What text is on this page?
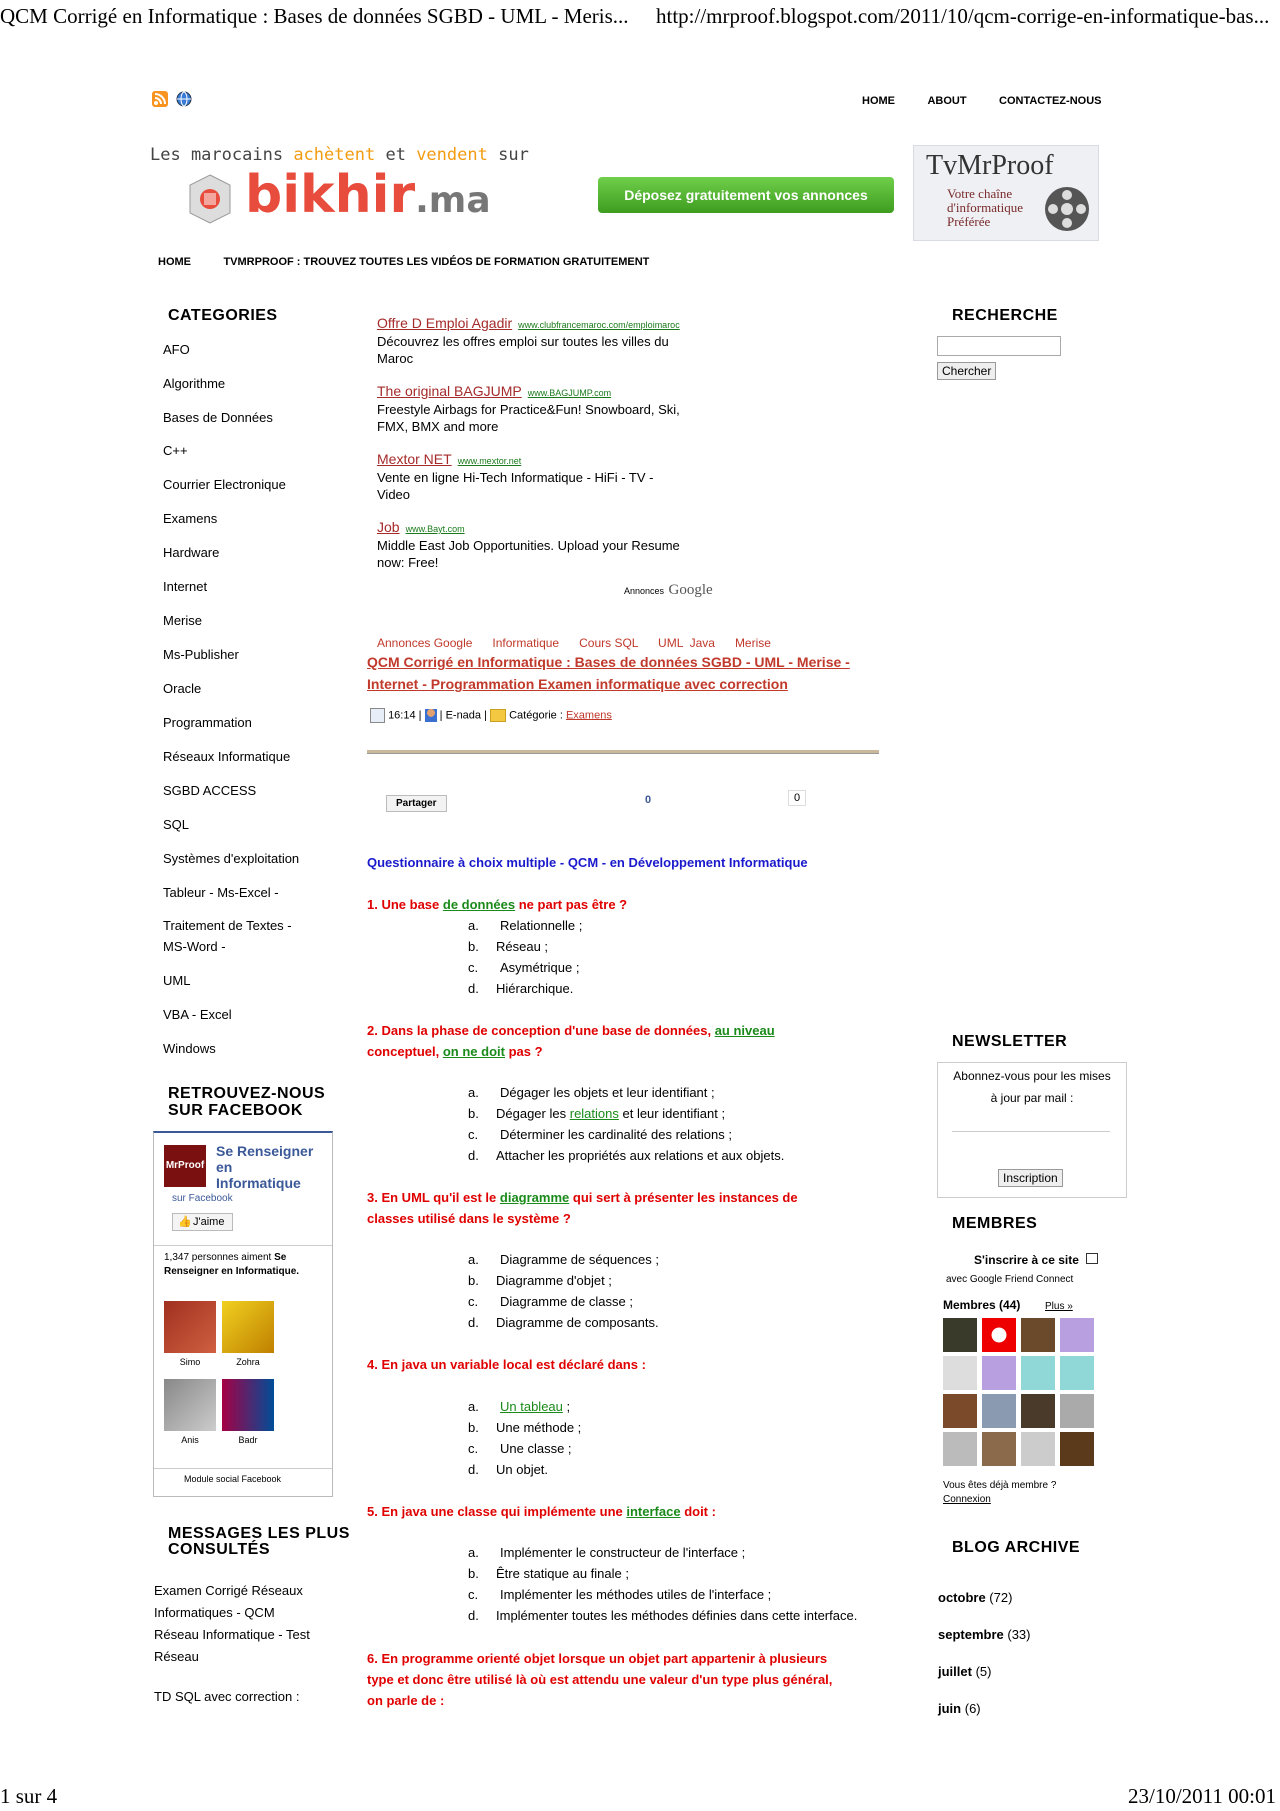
QCM Corrigé en Informatique : Bases de données SGBD - UML - Meris... http://mrproof.blogspot.com/2011/10/qcm-corrige-en-informatique-bas...
HOME	ABOUT	CONTACTEZ-NOUS
Les marocains achètent et vendent sur
bikhir.ma	Déposez gratuitement vos annonces
TvMrProof
Votre chaîne
d'informatique
Préférée
HOME	TVMRPROOF : TROUVEZ TOUTES LES VIDÉOS DE FORMATION GRATUITEMENT
CATEGORIES
AFO
Algorithme
Bases de Données
C++
Courrier Electronique
Examens
Hardware
Internet
Merise
Ms-Publisher
Oracle
Programmation
Réseaux Informatique
SGBD ACCESS
SQL
Systèmes d'exploitation
Tableur - Ms-Excel -
Traitement de Textes -
MS-Word -
UML
VBA - Excel
Windows
RETROUVEZ-NOUS
SUR FACEBOOK
MrProof
Se Renseigner
en
Informatique
sur Facebook
👍 J'aime
1,347 personnes aiment Se Renseigner en Informatique.
Simo	Zohra
Anis	Badr
Module social Facebook
MESSAGES LES PLUS
CONSULTÉS
Examen Corrigé Réseaux
Informatiques - QCM
Réseau Informatique - Test
Réseau
TD SQL avec correction :
Offre D Emploi Agadir www.clubfrancemaroc.com/emploimaroc
Découvrez les offres emploi sur toutes les villes du
Maroc
The original BAGJUMP www.BAGJUMP.com
Freestyle Airbags for Practice&Fun! Snowboard, Ski,
FMX, BMX and more
Mextor NET www.mextor.net
Vente en ligne Hi-Tech Informatique - HiFi - TV -
Video
Job www.Bayt.com
Middle East Job Opportunities. Upload your Resume
now: Free!
Annonces Google
Annonces Google      Informatique      Cours SQL      UML  Java      Merise
QCM Corrigé en Informatique : Bases de données SGBD - UML - Merise -
Internet - Programmation Examen informatique avec correction
16:14 |  | E-nada |  Catégorie : Examens
Partager	0	0
Questionnaire à choix multiple - QCM - en Développement Informatique
1. Une base de données ne part pas être ?
a. Relationnelle ;
b. Réseau ;
c. Asymétrique ;
d. Hiérarchique.
2. Dans la phase de conception d'une base de données, au niveau
conceptuel, on ne doit pas ?
a. Dégager les objets et leur identifiant ;
b. Dégager les relations et leur identifiant ;
c. Déterminer les cardinalité des relations ;
d. Attacher les propriétés aux relations et aux objets.
3. En UML qu'il est le diagramme qui sert à présenter les instances de
classes utilisé dans le système ?
a. Diagramme de séquences ;
b. Diagramme d'objet ;
c. Diagramme de classe ;
d. Diagramme de composants.
4. En java un variable local est déclaré dans :
a. Un tableau ;
b. Une méthode ;
c. Une classe ;
d. Un objet.
5. En java une classe qui implémente une interface doit :
a. Implémenter le constructeur de l'interface ;
b. Être statique au finale ;
c. Implémenter les méthodes utiles de l'interface ;
d. Implémenter toutes les méthodes définies dans cette interface.
6. En programme orienté objet lorsque un objet part appartenir à plusieurs
type et donc être utilisé là où est attendu une valeur d'un type plus général,
on parle de :
RECHERCHE
Chercher
NEWSLETTER
Abonnez-vous pour les mises
à jour par mail :
Inscription
MEMBRES
S'inscrire à ce site
avec Google Friend Connect
Membres (44) Plus »
Vous êtes déjà membre ?
Connexion
BLOG ARCHIVE
octobre (72)
septembre (33)
juillet (5)
juin (6)
1 sur 4	23/10/2011 00:01
